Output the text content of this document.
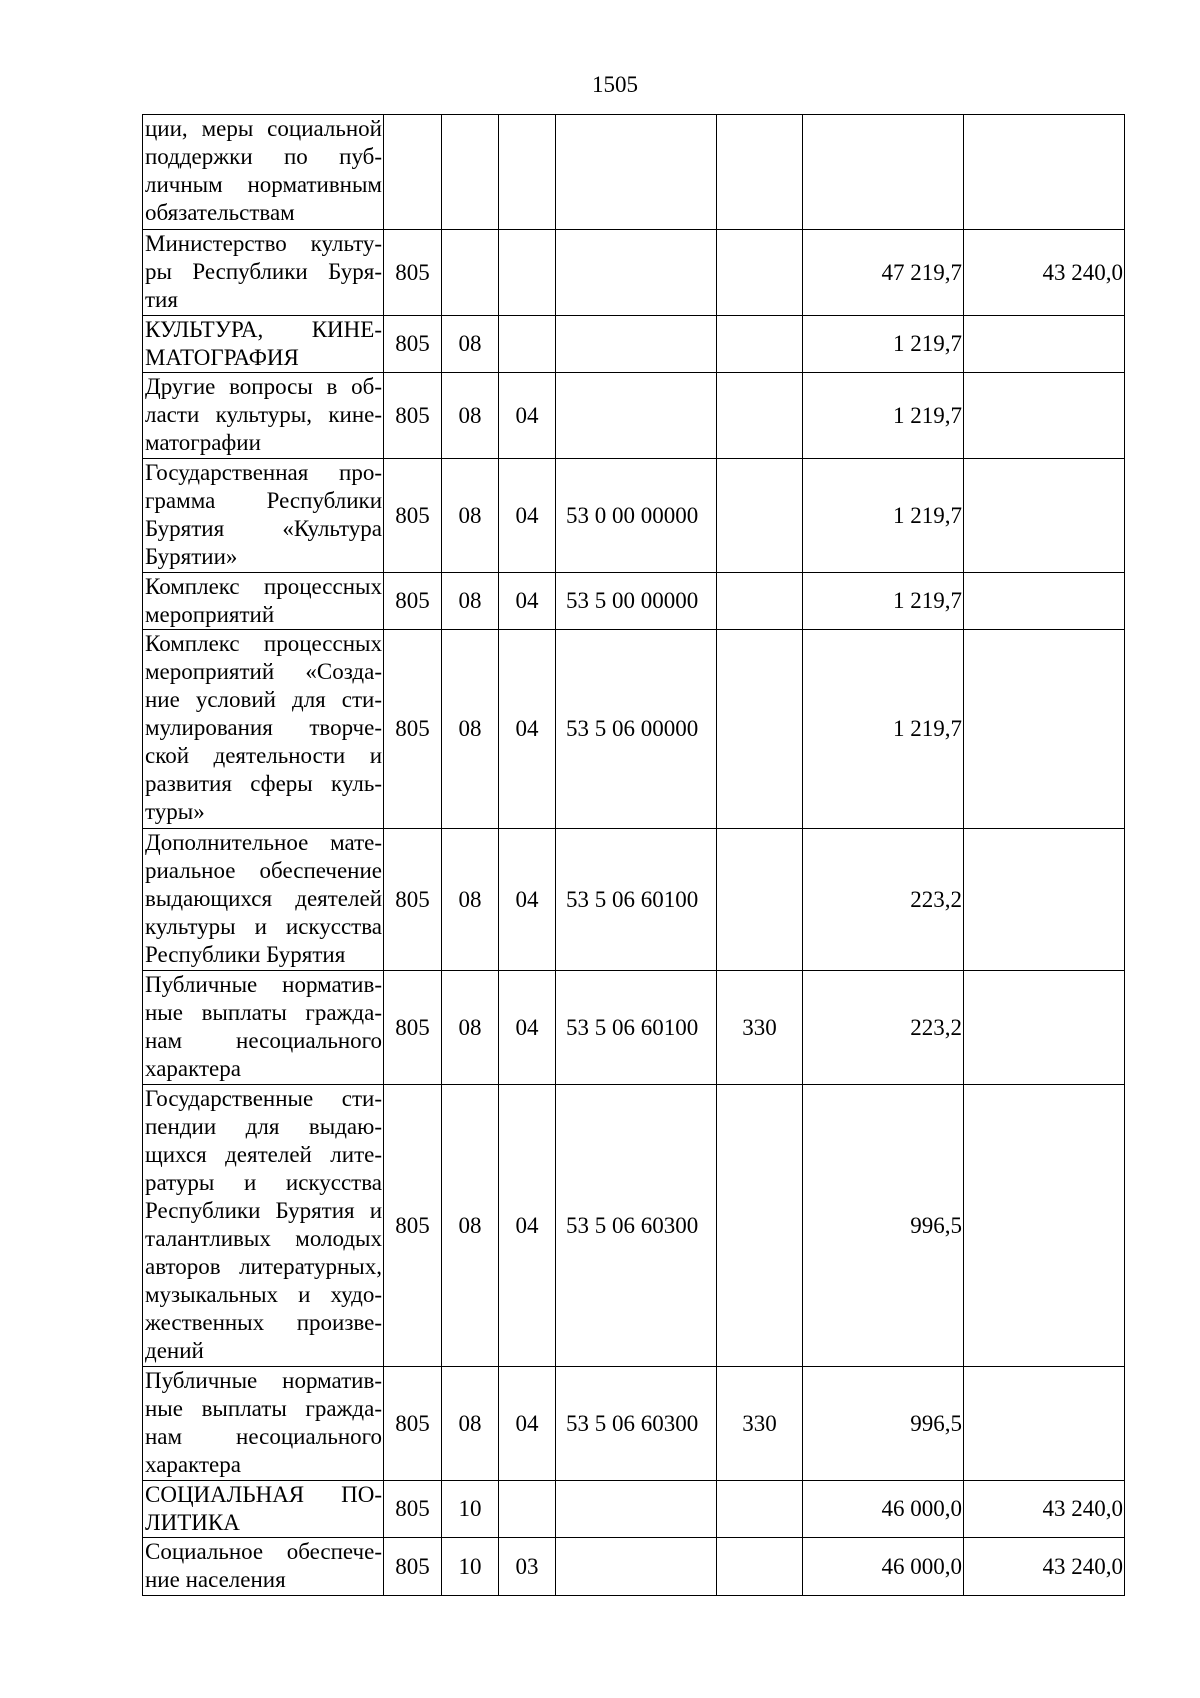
1505
ции, меры социальной поддержки по пуб-личным нормативным обязательствам							
Министерство культу-ры Республики Буря-тия	805					47 219,7	43 240,0
КУЛЬТУРА, КИНЕ-МАТОГРАФИЯ	805	08				1 219,7	
Другие вопросы в об-ласти культуры, кине-матографии	805	08	04			1 219,7	
Государственная про-грамма Республики Бурятия «Культура Бурятии»	805	08	04	53 0 00 00000		1 219,7	
Комплекс процессных мероприятий	805	08	04	53 5 00 00000		1 219,7	
Комплекс процессных мероприятий «Созда-ние условий для сти-мулирования творче-ской деятельности и развития сферы куль-туры»	805	08	04	53 5 06 00000		1 219,7	
Дополнительное мате-риальное обеспечение выдающихся деятелей культуры и искусства Республики Бурятия	805	08	04	53 5 06 60100		223,2	
Публичные норматив-ные выплаты гражда-нам несоциального характера	805	08	04	53 5 06 60100	330	223,2	
Государственные сти-пендии для выдаю-щихся деятелей лите-ратуры и искусства Республики Бурятия и талантливых молодых авторов литературных, музыкальных и худо-жественных произве-дений	805	08	04	53 5 06 60300		996,5	
Публичные норматив-ные выплаты гражда-нам несоциального характера	805	08	04	53 5 06 60300	330	996,5	
СОЦИАЛЬНАЯ ПО-ЛИТИКА	805	10				46 000,0	43 240,0
Социальное обеспече-ние населения	805	10	03			46 000,0	43 240,0
